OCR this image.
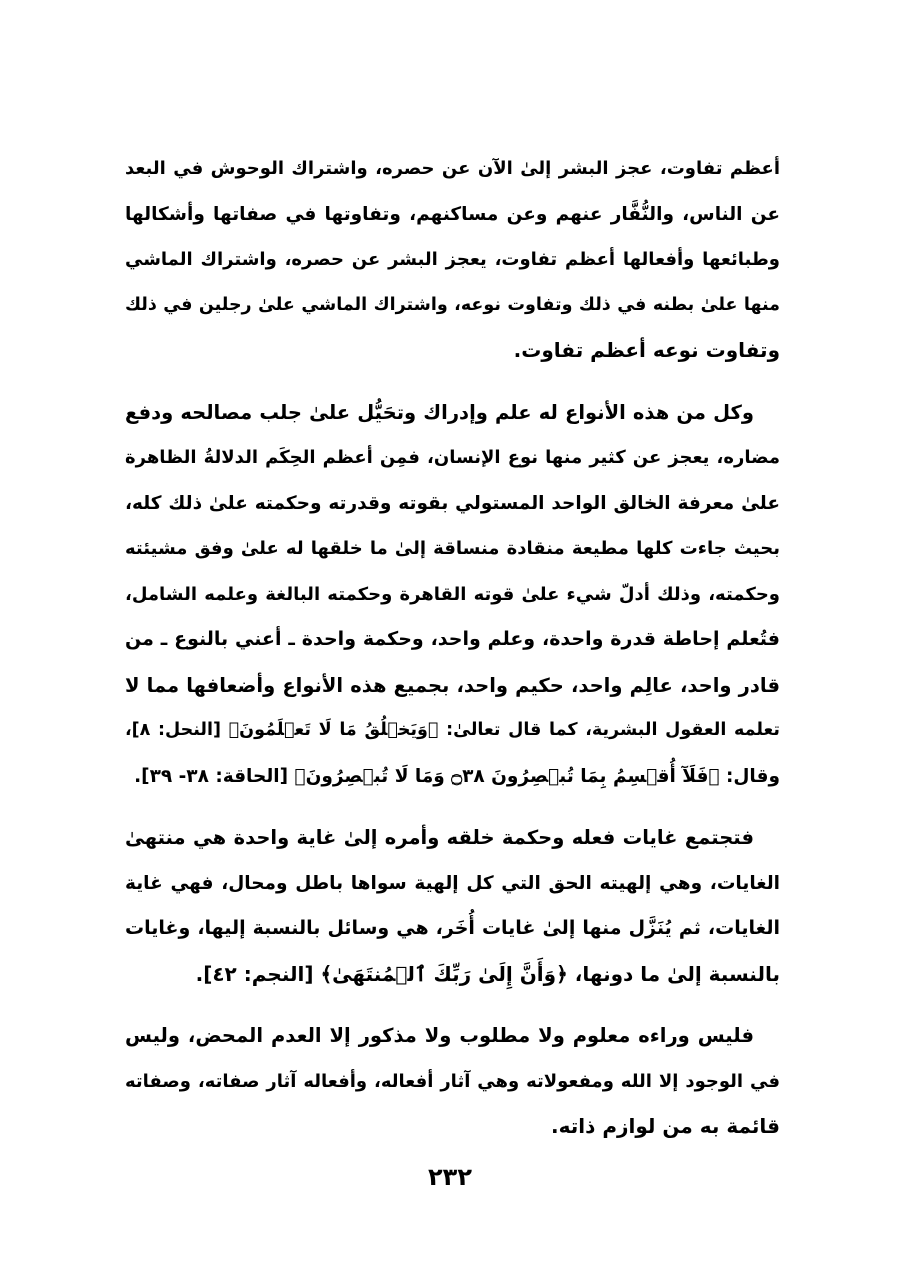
أعظم تفاوت، عجز البشر إلىٰ الآن عن حصره، واشتراك الوحوش في البعد
عن الناس، والنُّفَّار عنهم وعن مساكنهم، وتفاوتها في صفاتها وأشكالها
وطبائعها وأفعالها أعظم تفاوت، يعجز البشر عن حصره، واشتراك الماشي
منها علىٰ بطنه في ذلك وتفاوت نوعه، واشتراك الماشي علىٰ رجلين في ذلك
وتفاوت نوعه أعظم تفاوت.
وكل من هذه الأنواع له علم وإدراك وتحَيُّل علىٰ جلب مصالحه ودفع
مضاره، يعجز عن كثير منها نوع الإنسان، فمِن أعظم الحِكَم الدلالةُ الظاهرة
علىٰ معرفة الخالق الواحد المستولي بقوته وقدرته وحكمته علىٰ ذلك كله،
بحيث جاءت كلها مطيعة منقادة منساقة إلىٰ ما خلقها له علىٰ وفق مشيئته
وحكمته، وذلك أدلّ شيء علىٰ قوته القاهرة وحكمته البالغة وعلمه الشامل،
فتُعلم إحاطة قدرة واحدة، وعلم واحد، وحكمة واحدة ـ أعني بالنوع ـ من
قادر واحد، عالِم واحد، حكيم واحد، بجميع هذه الأنواع وأضعافها مما لا
تعلمه العقول البشرية، كما قال تعالىٰ: ﴿وَيَخۡلُقُ مَا لَا تَعۡلَمُونَ﴾ [النحل: ٨]،
وقال: ﴿فَلَآ أُقۡسِمُ بِمَا تُبۡصِرُونَ ۝٣٨ وَمَا لَا تُبۡصِرُونَ﴾ [الحاقة: ٣٨- ٣٩].
فتجتمع غايات فعله وحكمة خلقه وأمره إلىٰ غاية واحدة هي منتهىٰ
الغايات، وهي إلهيته الحق التي كل إلهية سواها باطل ومحال، فهي غاية
الغايات، ثم يُنَزَّل منها إلىٰ غايات أُخَر، هي وسائل بالنسبة إليها، وغايات
بالنسبة إلىٰ ما دونها، ﴿وَأَنَّ إِلَىٰ رَبِّكَ ٱلۡمُنتَهَىٰ﴾ [النجم: ٤٢].
فليس وراءه معلوم ولا مطلوب ولا مذكور إلا العدم المحض، وليس
في الوجود إلا الله ومفعولاته وهي آثار أفعاله، وأفعاله آثار صفاته، وصفاته
قائمة به من لوازم ذاته.
٢٣٢
